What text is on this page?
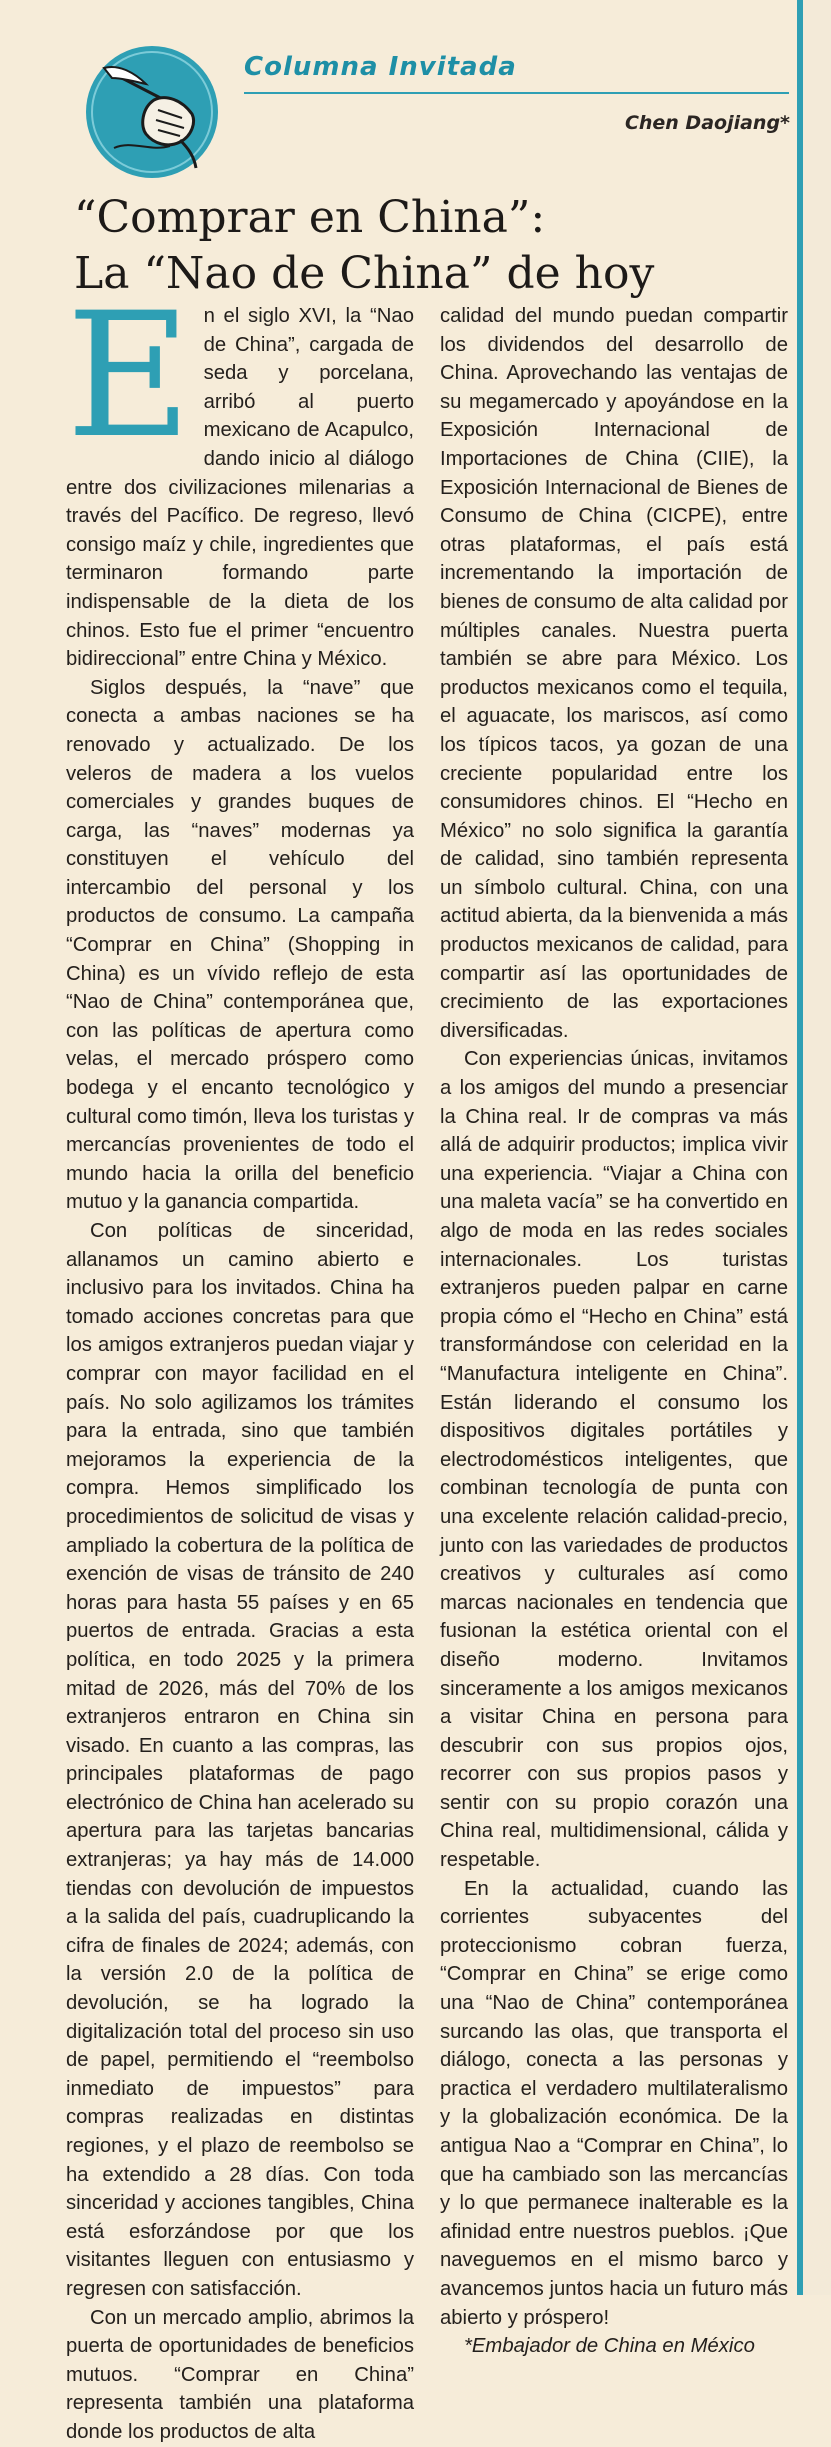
Columna Invitada
Chen Daojiang*
“Comprar en China”:
La “Nao de China” de hoy

En el siglo XVI, la “Nao de China”, cargada de seda y porcelana, arribó al puerto mexicano de Acapulco, dando inicio al diálogo entre dos civilizaciones milenarias a través del Pacífico. De regreso, llevó consigo maíz y chile, ingredientes que terminaron formando parte indispensable de la dieta de los chinos. Esto fue el primer “encuentro bidireccional” entre China y México.

Siglos después, la “nave” que conecta a ambas naciones se ha renovado y actualizado. De los veleros de madera a los vuelos comerciales y grandes buques de carga, las “naves” modernas ya constituyen el vehículo del intercambio del personal y los productos de consumo. La campaña “Comprar en China” (Shopping in China) es un vívido reflejo de esta “Nao de China” contemporánea que, con las políticas de apertura como velas, el mercado próspero como bodega y el encanto tecnológico y cultural como timón, lleva los turistas y mercancías provenientes de todo el mundo hacia la orilla del beneficio mutuo y la ganancia compartida.

Con políticas de sinceridad, allanamos un camino abierto e inclusivo para los invitados. China ha tomado acciones concretas para que los amigos extranjeros puedan viajar y comprar con mayor facilidad en el país. No solo agilizamos los trámites para la entrada, sino que también mejoramos la experiencia de la compra. Hemos simplificado los procedimientos de solicitud de visas y ampliado la cobertura de la política de exención de visas de tránsito de 240 horas para hasta 55 países y en 65 puertos de entrada. Gracias a esta política, en todo 2025 y la primera mitad de 2026, más del 70% de los extranjeros entraron en China sin visado. En cuanto a las compras, las principales plataformas de pago electrónico de China han acelerado su apertura para las tarjetas bancarias extranjeras; ya hay más de 14.000 tiendas con devolución de impuestos a la salida del país, cuadruplicando la cifra de finales de 2024; además, con la versión 2.0 de la política de devolución, se ha logrado la digitalización total del proceso sin uso de papel, permitiendo el “reembolso inmediato de impuestos” para compras realizadas en distintas regiones, y el plazo de reembolso se ha extendido a 28 días. Con toda sinceridad y acciones tangibles, China está esforzándose por que los visitantes lleguen con entusiasmo y regresen con satisfacción.

Con un mercado amplio, abrimos la puerta de oportunidades de beneficios mutuos. “Comprar en China” representa también una plataforma donde los productos de alta

calidad del mundo puedan compartir los dividendos del desarrollo de China. Aprovechando las ventajas de su megamercado y apoyándose en la Exposición Internacional de Importaciones de China (CIIE), la Exposición Internacional de Bienes de Consumo de China (CICPE), entre otras plataformas, el país está incrementando la importación de bienes de consumo de alta calidad por múltiples canales. Nuestra puerta también se abre para México. Los productos mexicanos como el tequila, el aguacate, los mariscos, así como los típicos tacos, ya gozan de una creciente popularidad entre los consumidores chinos. El “Hecho en México” no solo significa la garantía de calidad, sino también representa un símbolo cultural. China, con una actitud abierta, da la bienvenida a más productos mexicanos de calidad, para compartir así las oportunidades de crecimiento de las exportaciones diversificadas.

Con experiencias únicas, invitamos a los amigos del mundo a presenciar la China real. Ir de compras va más allá de adquirir productos; implica vivir una experiencia. “Viajar a China con una maleta vacía” se ha convertido en algo de moda en las redes sociales internacionales. Los turistas extranjeros pueden palpar en carne propia cómo el “Hecho en China” está transformándose con celeridad en la “Manufactura inteligente en China”. Están liderando el consumo los dispositivos digitales portátiles y electrodomésticos inteligentes, que combinan tecnología de punta con una excelente relación calidad-precio, junto con las variedades de productos creativos y culturales así como marcas nacionales en tendencia que fusionan la estética oriental con el diseño moderno. Invitamos sinceramente a los amigos mexicanos a visitar China en persona para descubrir con sus propios ojos, recorrer con sus propios pasos y sentir con su propio corazón una China real, multidimensional, cálida y respetable.

En la actualidad, cuando las corrientes subyacentes del proteccionismo cobran fuerza, “Comprar en China” se erige como una “Nao de China” contemporánea surcando las olas, que transporta el diálogo, conecta a las personas y practica el verdadero multilateralismo y la globalización económica. De la antigua Nao a “Comprar en China”, lo que ha cambiado son las mercancías y lo que permanece inalterable es la afinidad entre nuestros pueblos. ¡Que naveguemos en el mismo barco y avancemos juntos hacia un futuro más abierto y próspero!

*Embajador de China en México
